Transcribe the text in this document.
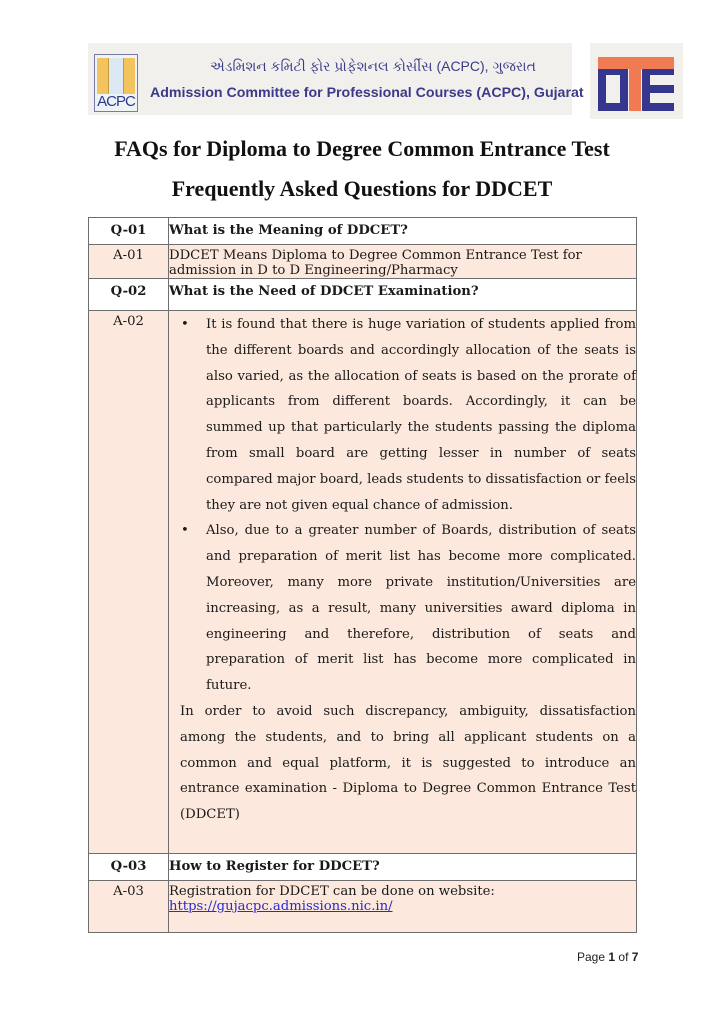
ACPC
એડમિશન કમિટી ફોર પ્રોફેશનલ કોર્સીસ (ACPC), ગુજરાત
Admission Committee for Professional Courses (ACPC), Gujarat
FAQs for Diploma to Degree Common Entrance Test
Frequently Asked Questions for DDCET
Q-01	What is the Meaning of DDCET?

A-01	DDCET Means Diploma to Degree Common Entrance Test for admission in D to D Engineering/Pharmacy

Q-02	What is the Need of DDCET Examination?

A-02	• It is found that there is huge variation of students applied from the different boards and accordingly allocation of the seats is also varied, as the allocation of seats is based on the prorate of applicants from different boards. Accordingly, it can be summed up that particularly the students passing the diploma from small board are getting lesser in number of seats compared major board, leads students to dissatisfaction or feels they are not given equal chance of admission.
• Also, due to a greater number of Boards, distribution of seats and preparation of merit list has become more complicated. Moreover, many more private institution/Universities are increasing, as a result, many universities award diploma in engineering and therefore, distribution of seats and preparation of merit list has become more complicated in future.
In order to avoid such discrepancy, ambiguity, dissatisfaction among the students, and to bring all applicant students on a common and equal platform, it is suggested to introduce an entrance examination - Diploma to Degree Common Entrance Test (DDCET)

Q-03	How to Register for DDCET?

A-03	Registration for DDCET can be done on website:
https://gujacpc.admissions.nic.in/
Page 1 of 7
